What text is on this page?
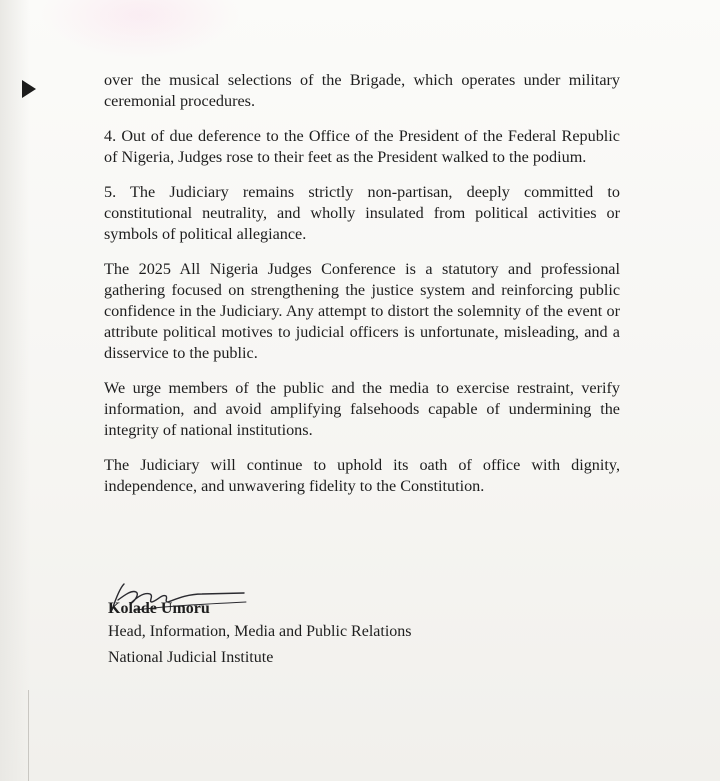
over the musical selections of the Brigade, which operates under military ceremonial procedures.

4. Out of due deference to the Office of the President of the Federal Republic of Nigeria, Judges rose to their feet as the President walked to the podium.

5. The Judiciary remains strictly non-partisan, deeply committed to constitutional neutrality, and wholly insulated from political activities or symbols of political allegiance.

The 2025 All Nigeria Judges Conference is a statutory and professional gathering focused on strengthening the justice system and reinforcing public confidence in the Judiciary. Any attempt to distort the solemnity of the event or attribute political motives to judicial officers is unfortunate, misleading, and a disservice to the public.

We urge members of the public and the media to exercise restraint, verify information, and avoid amplifying falsehoods capable of undermining the integrity of national institutions.

The Judiciary will continue to uphold its oath of office with dignity, independence, and unwavering fidelity to the Constitution.

Kolade Umoru
Head, Information, Media and Public Relations
National Judicial Institute
